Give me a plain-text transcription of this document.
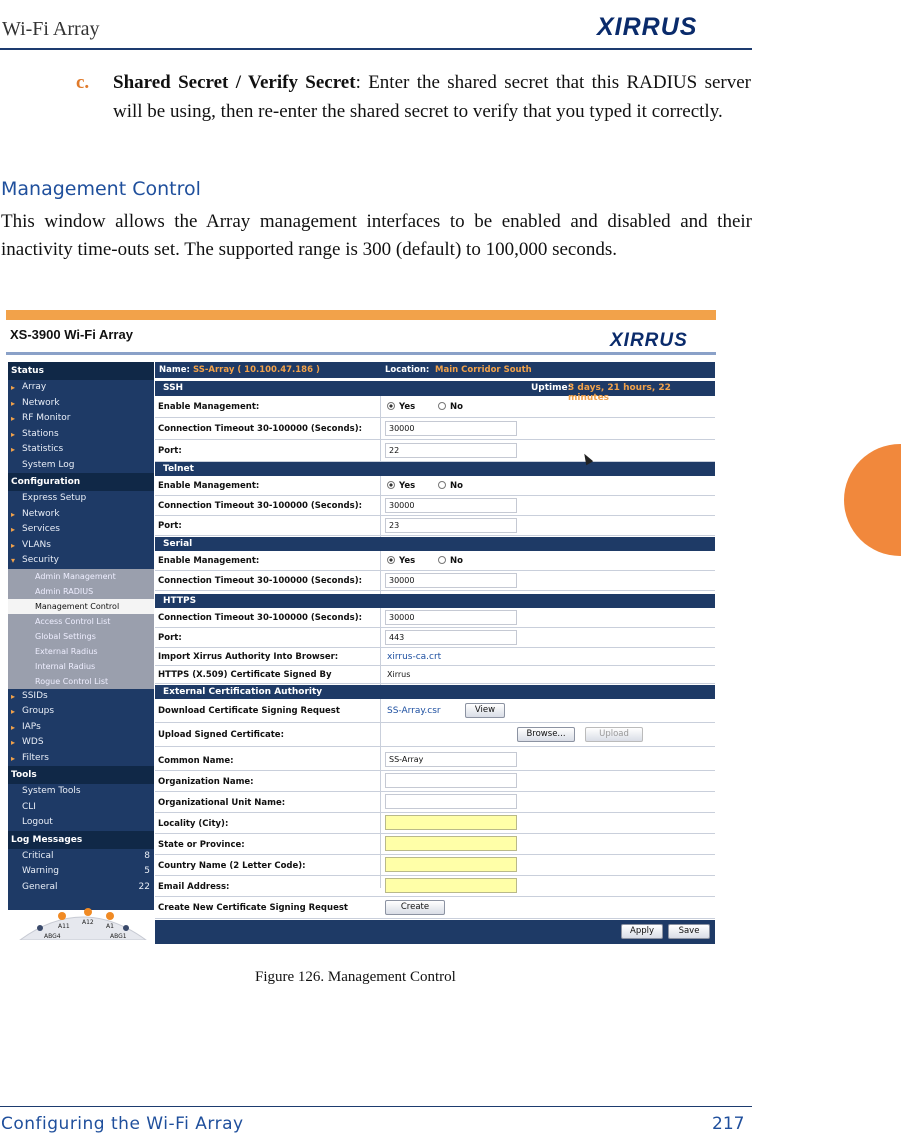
Wi-Fi Array	XIRRUS
c. Shared Secret / Verify Secret: Enter the shared secret that this RADIUS server will be using, then re-enter the shared secret to verify that you typed it correctly.
Management Control
This window allows the Array management interfaces to be enabled and disabled and their inactivity time-outs set. The supported range is 300 (default) to 100,000 seconds.
XS-3900 Wi-Fi Array	XIRRUS
Status
▸ Array
▸ Network
▸ RF Monitor
▸ Stations
▸ Statistics
System Log
Configuration
Express Setup
▸ Network
▸ Services
▸ VLANs
▾ Security
Admin Management
Admin RADIUS
Management Control
Access Control List
Global Settings
External Radius
Internal Radius
Rogue Control List
▸ SSIDs
▸ Groups
▸ IAPs
▸ WDS
▸ Filters
Tools
System Tools
CLI
Logout
Log Messages
Critical	8
Warning	5
General	22
A11
A12
A1
ABG4	ABG1
Name: SS-Array ( 10.100.47.186 )	Location: Main Corridor South
SSH	Uptime:
3 days, 21 hours, 22 minutes
Enable Management:	Yes	No
Connection Timeout 30-100000 (Seconds):	30000
Port:	22
Telnet
Enable Management:	Yes	No
Connection Timeout 30-100000 (Seconds):	30000
Port:	23
Serial
Enable Management:	Yes	No
Connection Timeout 30-100000 (Seconds):	30000
HTTPS
Connection Timeout 30-100000 (Seconds):	30000
Port:	443
Import Xirrus Authority Into Browser:	xirrus-ca.crt
HTTPS (X.509) Certificate Signed By	Xirrus
External Certification Authority
Download Certificate Signing Request	SS-Array.csr	View
Upload Signed Certificate:	Browse...	Upload
Common Name:	SS-Array
Organization Name:
Organizational Unit Name:
Locality (City):
State or Province:
Country Name (2 Letter Code):
Email Address:
Create New Certificate Signing Request	Create
Apply	Save
Figure 126. Management Control
Configuring the Wi-Fi Array	217
